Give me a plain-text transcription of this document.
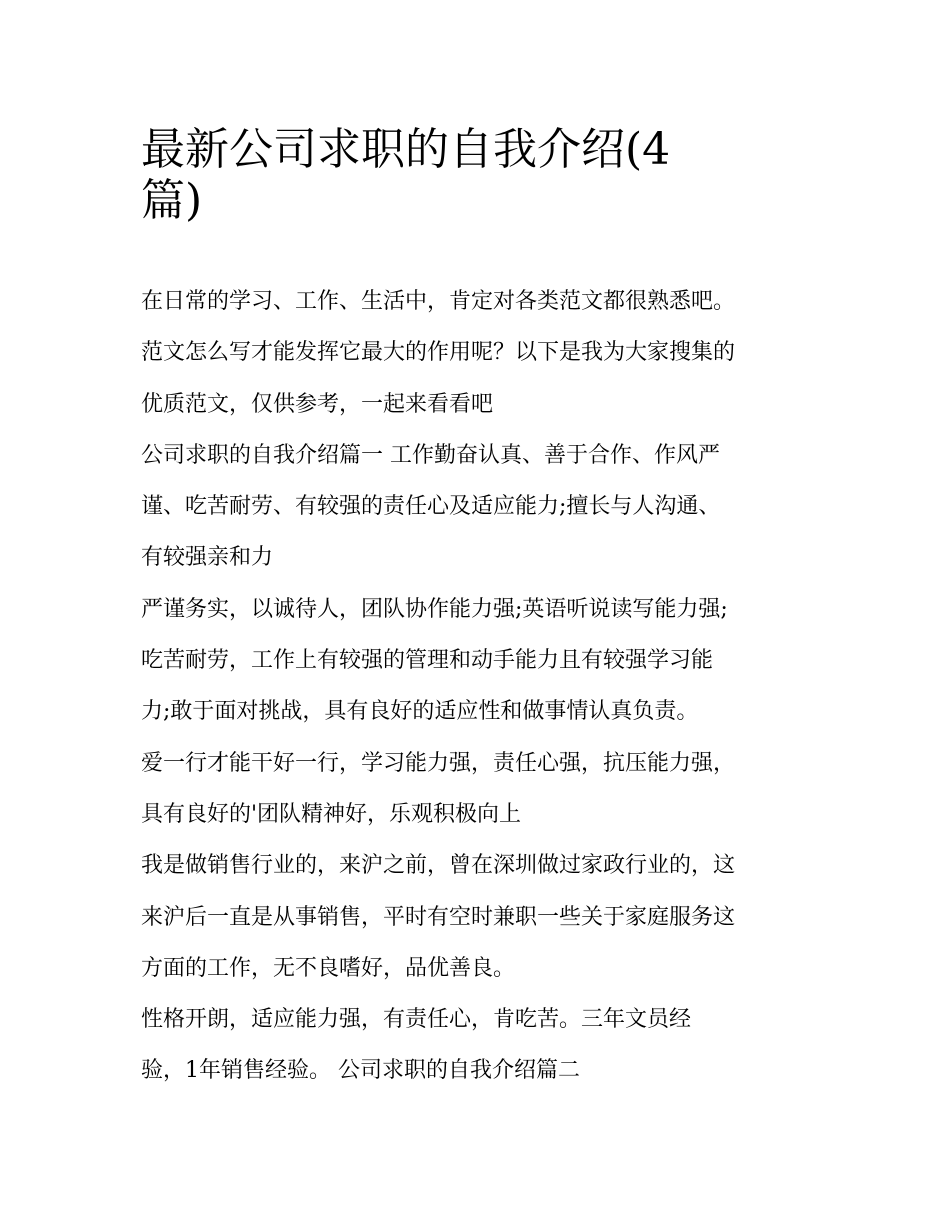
最新公司求职的自我介绍(4
篇)
在日常的学习、工作、生活中，肯定对各类范文都很熟悉吧。
范文怎么写才能发挥它最大的作用呢？以下是我为大家搜集的
优质范文，仅供参考，一起来看看吧
公司求职的自我介绍篇一 工作勤奋认真、善于合作、作风严
谨、吃苦耐劳、有较强的责任心及适应能力;擅长与人沟通、
有较强亲和力
严谨务实，以诚待人，团队协作能力强;英语听说读写能力强;
吃苦耐劳，工作上有较强的管理和动手能力且有较强学习能
力;敢于面对挑战，具有良好的适应性和做事情认真负责。
爱一行才能干好一行，学习能力强，责任心强，抗压能力强，
具有良好的'团队精神好，乐观积极向上
我是做销售行业的，来沪之前，曾在深圳做过家政行业的，这
来沪后一直是从事销售，平时有空时兼职一些关于家庭服务这
方面的工作，无不良嗜好，品优善良。
性格开朗，适应能力强，有责任心，肯吃苦。三年文员经
验，1年销售经验。 公司求职的自我介绍篇二
